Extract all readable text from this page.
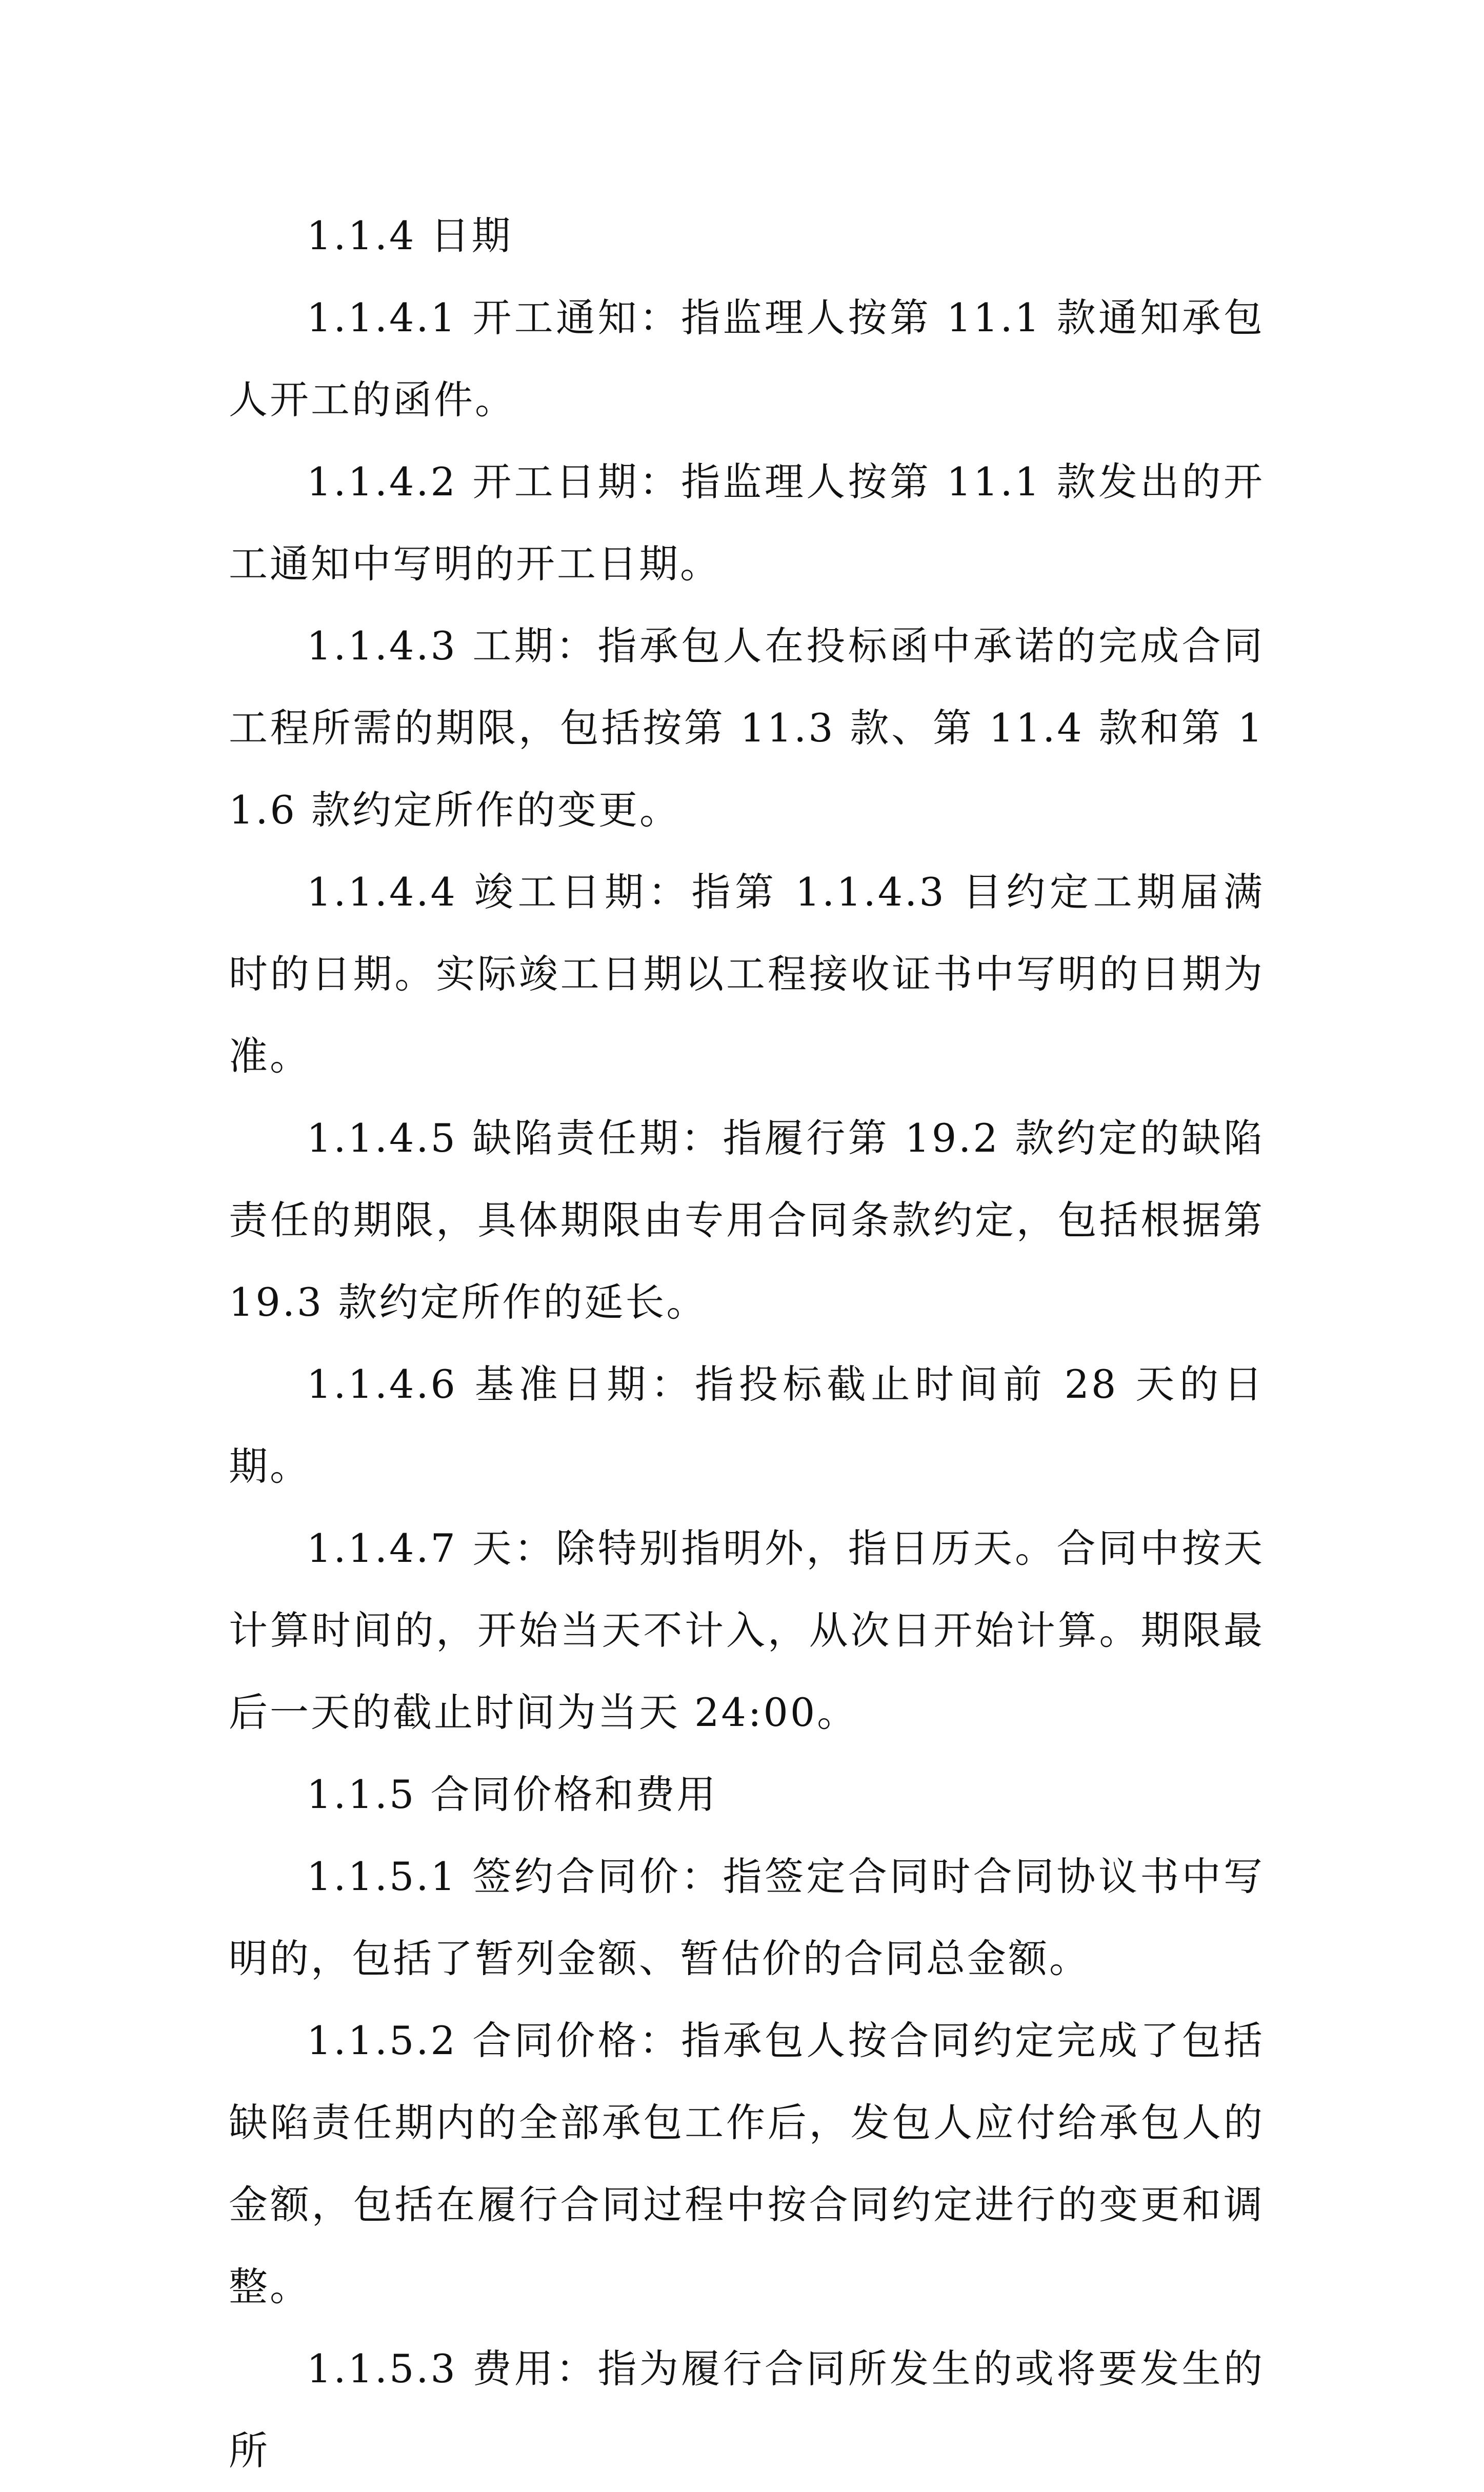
1.1.4 日期

1.1.4.1 开工通知：指监理人按第 11.1 款通知承包人开工的函件。

1.1.4.2 开工日期：指监理人按第 11.1 款发出的开工通知中写明的开工日期。

1.1.4.3 工期：指承包人在投标函中承诺的完成合同工程所需的期限，包括按第 11.3 款、第 11.4 款和第 11.6 款约定所作的变更。

1.1.4.4 竣工日期：指第 1.1.4.3 目约定工期届满时的日期。实际竣工日期以工程接收证书中写明的日期为准。

1.1.4.5 缺陷责任期：指履行第 19.2 款约定的缺陷责任的期限，具体期限由专用合同条款约定，包括根据第 19.3 款约定所作的延长。

1.1.4.6 基准日期：指投标截止时间前 28 天的日期。

1.1.4.7 天：除特别指明外，指日历天。合同中按天计算时间的，开始当天不计入，从次日开始计算。期限最后一天的截止时间为当天 24:00。

1.1.5 合同价格和费用

1.1.5.1 签约合同价：指签定合同时合同协议书中写明的，包括了暂列金额、暂估价的合同总金额。

1.1.5.2 合同价格：指承包人按合同约定完成了包括缺陷责任期内的全部承包工作后，发包人应付给承包人的金额，包括在履行合同过程中按合同约定进行的变更和调整。

1.1.5.3 费用：指为履行合同所发生的或将要发生的所
